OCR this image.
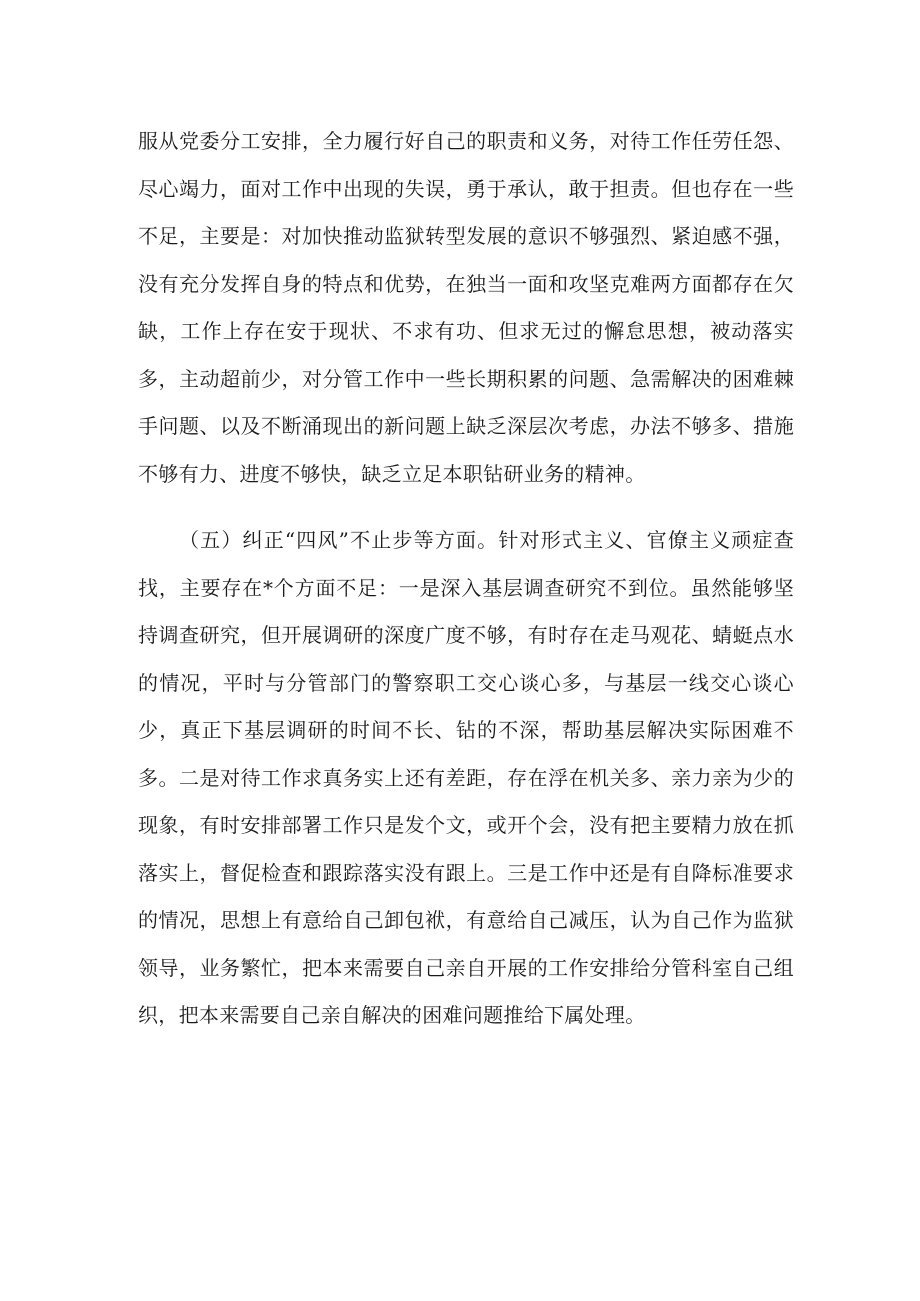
服从党委分工安排，全力履行好自己的职责和义务，对待工作任劳任怨、尽心竭力，面对工作中出现的失误，勇于承认，敢于担责。但也存在一些不足，主要是：对加快推动监狱转型发展的意识不够强烈、紧迫感不强，没有充分发挥自身的特点和优势，在独当一面和攻坚克难两方面都存在欠缺，工作上存在安于现状、不求有功、但求无过的懈怠思想，被动落实多，主动超前少，对分管工作中一些长期积累的问题、急需解决的困难棘手问题、以及不断涌现出的新问题上缺乏深层次考虑，办法不够多、措施不够有力、进度不够快，缺乏立足本职钻研业务的精神。

（五）纠正“四风”不止步等方面。针对形式主义、官僚主义顽症查找，主要存在*个方面不足：一是深入基层调查研究不到位。虽然能够坚持调查研究，但开展调研的深度广度不够，有时存在走马观花、蜻蜓点水的情况，平时与分管部门的警察职工交心谈心多，与基层一线交心谈心少，真正下基层调研的时间不长、钻的不深，帮助基层解决实际困难不多。二是对待工作求真务实上还有差距，存在浮在机关多、亲力亲为少的现象，有时安排部署工作只是发个文，或开个会，没有把主要精力放在抓落实上，督促检查和跟踪落实没有跟上。三是工作中还是有自降标准要求的情况，思想上有意给自己卸包袱，有意给自己减压，认为自己作为监狱领导，业务繁忙，把本来需要自己亲自开展的工作安排给分管科室自己组织，把本来需要自己亲自解决的困难问题推给下属处理。
